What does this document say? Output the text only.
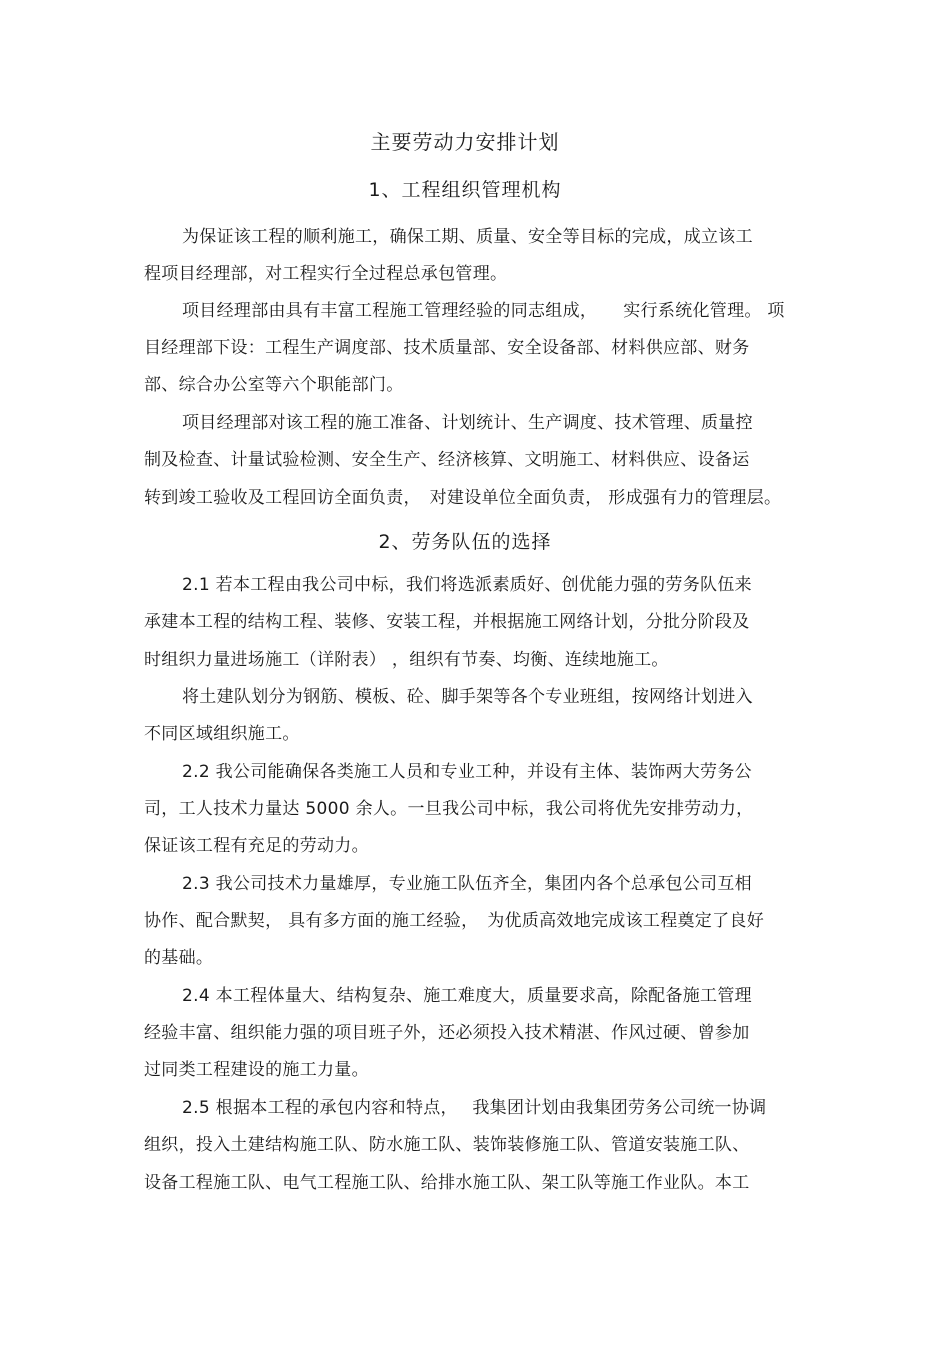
主要劳动力安排计划
1、工程组织管理机构
为保证该工程的顺利施工，确保工期、质量、安全等目标的完成，成立该工
程项目经理部，对工程实行全过程总承包管理。
项目经理部由具有丰富工程施工管理经验的同志组成，　　实行系统化管理。 项
目经理部下设：工程生产调度部、技术质量部、安全设备部、材料供应部、财务
部、综合办公室等六个职能部门。
项目经理部对该工程的施工准备、计划统计、生产调度、技术管理、质量控
制及检查、计量试验检测、安全生产、经济核算、文明施工、材料供应、设备运
转到竣工验收及工程回访全面负责，　对建设单位全面负责， 形成强有力的管理层。
2、劳务队伍的选择
2.1 若本工程由我公司中标，我们将选派素质好、创优能力强的劳务队伍来
承建本工程的结构工程、装修、安装工程，并根据施工网络计划，分批分阶段及
时组织力量进场施工（详附表） ，组织有节奏、均衡、连续地施工。
将土建队划分为钢筋、模板、砼、脚手架等各个专业班组，按网络计划进入
不同区域组织施工。
2.2 我公司能确保各类施工人员和专业工种，并设有主体、装饰两大劳务公
司，工人技术力量达 5000 余人。一旦我公司中标，我公司将优先安排劳动力，
保证该工程有充足的劳动力。
2.3 我公司技术力量雄厚，专业施工队伍齐全，集团内各个总承包公司互相
协作、配合默契， 具有多方面的施工经验，　为优质高效地完成该工程奠定了良好
的基础。
2.4 本工程体量大、结构复杂、施工难度大，质量要求高，除配备施工管理
经验丰富、组织能力强的项目班子外，还必须投入技术精湛、作风过硬、曾参加
过同类工程建设的施工力量。
2.5 根据本工程的承包内容和特点，　 我集团计划由我集团劳务公司统一协调
组织，投入土建结构施工队、防水施工队、装饰装修施工队、管道安装施工队、
设备工程施工队、电气工程施工队、给排水施工队、架工队等施工作业队。本工
